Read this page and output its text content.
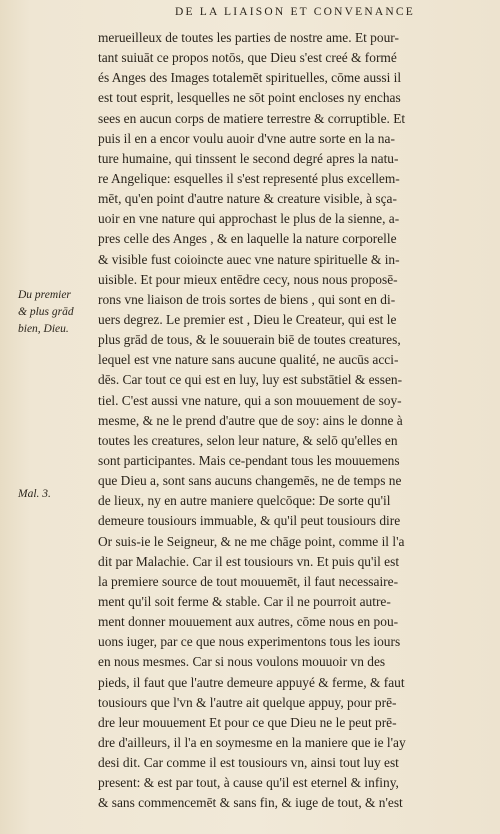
DE LA LIAISON ET CONVENANCE
Du premier
& plus grād
bien, Dieu.
Mal. 3.
merueilleux de toutes les parties de nostre ame. Et pour-
tant suiuāt ce propos notōs, que Dieu s'est creé & formé
és Anges des Images totalemēt spirituelles, cōme aussi il
est tout esprit, lesquelles ne sōt point encloses ny enchas
sees en aucun corps de matiere terrestre & corruptible. Et
puis il en a encor voulu auoir d'vne autre sorte en la na-
ture humaine, qui tinssent le second degré apres la natu-
re Angelique: esquelles il s'est representé plus excellem-
mēt, qu'en point d'autre nature & creature visible, à sça-
uoir en vne nature qui approchast le plus de la sienne, a-
pres celle des Anges , & en laquelle la nature corporelle
& visible fust coioincte auec vne nature spirituelle & in-
uisible. Et pour mieux entēdre cecy, nous nous proposē-
rons vne liaison de trois sortes de biens , qui sont en di-
uers degrez. Le premier est , Dieu le Createur, qui est le
plus grād de tous, & le souuerain biē de toutes creatures,
lequel est vne nature sans aucune qualité, ne aucūs acci-
dēs. Car tout ce qui est en luy, luy est substātiel & essen-
tiel. C'est aussi vne nature, qui a son mouuement de soy-
mesme, & ne le prend d'autre que de soy: ains le donne à
toutes les creatures, selon leur nature, & selō qu'elles en
sont participantes. Mais ce-pendant tous les mouuemens
que Dieu a, sont sans aucuns changemēs, ne de temps ne
de lieux, ny en autre maniere quelcōque: De sorte qu'il
demeure tousiours immuable, & qu'il peut tousiours dire
Or suis-ie le Seigneur, & ne me chāge point, comme il l'a
dit par Malachie. Car il est tousiours vn. Et puis qu'il est
la premiere source de tout mouuemēt, il faut necessaire-
ment qu'il soit ferme & stable. Car il ne pourroit autre-
ment donner mouuement aux autres, cōme nous en pou-
uons iuger, par ce que nous experimentons tous les iours
en nous mesmes. Car si nous voulons mouuoir vn des
pieds, il faut que l'autre demeure appuyé & ferme, & faut
tousiours que l'vn & l'autre ait quelque appuy, pour prē-
dre leur mouuement Et pour ce que Dieu ne le peut prē-
dre d'ailleurs, il l'a en soymesme en la maniere que ie l'ay
desi dit. Car comme il est tousiours vn, ainsi tout luy est
present: & est par tout, à cause qu'il est eternel & infiny,
& sans commencemēt & sans fin, & iuge de tout, & n'est
